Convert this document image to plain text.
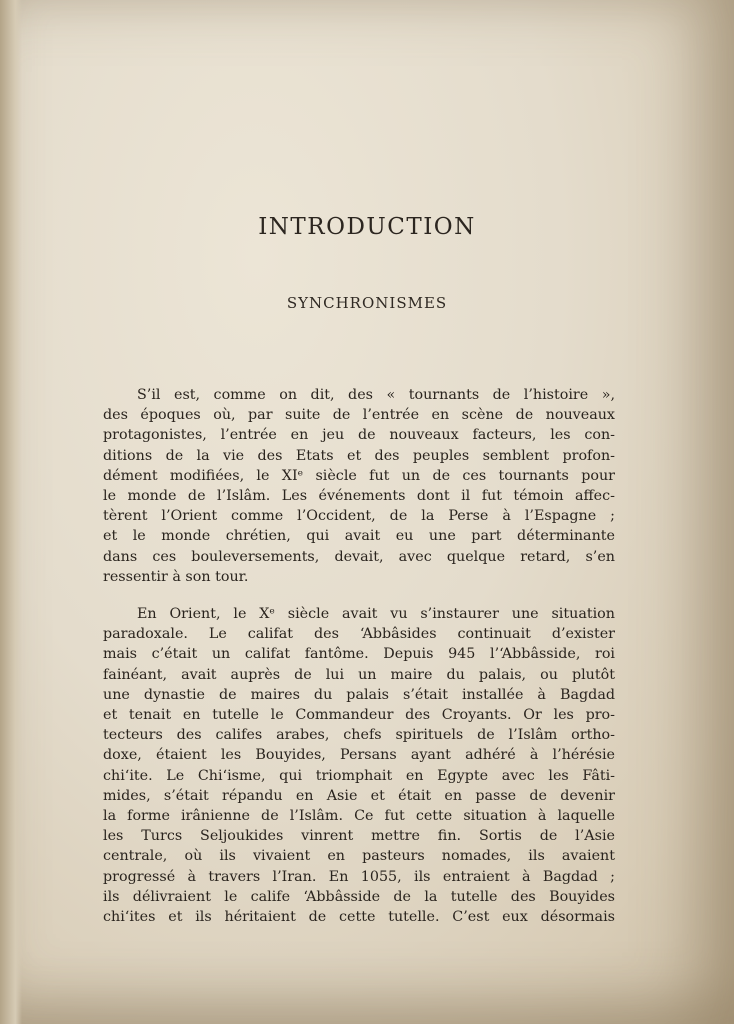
INTRODUCTION
SYNCHRONISMES

S’il est, comme on dit, des « tournants de l’histoire »,
des époques où, par suite de l’entrée en scène de nouveaux
protagonistes, l’entrée en jeu de nouveaux facteurs, les con-
ditions de la vie des Etats et des peuples semblent profon-
dément modifiées, le XIᵉ siècle fut un de ces tournants pour
le monde de l’Islâm. Les événements dont il fut témoin affec-
tèrent l’Orient comme l’Occident, de la Perse à l’Espagne ;
et le monde chrétien, qui avait eu une part déterminante
dans ces bouleversements, devait, avec quelque retard, s’en
ressentir à son tour.

En Orient, le Xᵉ siècle avait vu s’instaurer une situation
paradoxale. Le califat des ‘Abbâsides continuait d’exister
mais c’était un califat fantôme. Depuis 945 l’‘Abbâsside, roi
fainéant, avait auprès de lui un maire du palais, ou plutôt
une dynastie de maires du palais s’était installée à Bagdad
et tenait en tutelle le Commandeur des Croyants. Or les pro-
tecteurs des califes arabes, chefs spirituels de l’Islâm ortho-
doxe, étaient les Bouyides, Persans ayant adhéré à l’hérésie
chi‘ite. Le Chi‘isme, qui triomphait en Egypte avec les Fâti-
mides, s’était répandu en Asie et était en passe de devenir
la forme irânienne de l’Islâm. Ce fut cette situation à laquelle
les Turcs Seljoukides vinrent mettre fin. Sortis de l’Asie
centrale, où ils vivaient en pasteurs nomades, ils avaient
progressé à travers l’Iran. En 1055, ils entraient à Bagdad ;
ils délivraient le calife ‘Abbâsside de la tutelle des Bouyides
chi‘ites et ils héritaient de cette tutelle. C’est eux désormais
